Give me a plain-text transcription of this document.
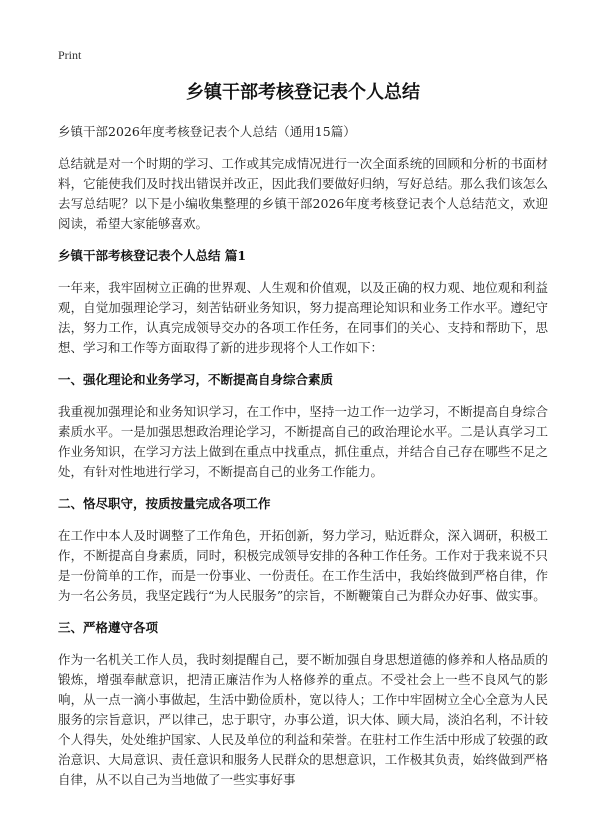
Print
乡镇干部考核登记表个人总结

乡镇干部2026年度考核登记表个人总结（通用15篇）

总结就是对一个时期的学习、工作或其完成情况进行一次全面系统的回顾和分析的书面材料，它能使我们及时找出错误并改正，因此我们要做好归纳，写好总结。那么我们该怎么去写总结呢？以下是小编收集整理的乡镇干部2026年度考核登记表个人总结范文，欢迎阅读，希望大家能够喜欢。

乡镇干部考核登记表个人总结 篇1

一年来，我牢固树立正确的世界观、人生观和价值观，以及正确的权力观、地位观和利益观，自觉加强理论学习，刻苦钻研业务知识，努力提高理论知识和业务工作水平。遵纪守法，努力工作，认真完成领导交办的各项工作任务，在同事们的关心、支持和帮助下，思想、学习和工作等方面取得了新的进步现将个人工作如下：

一、强化理论和业务学习，不断提高自身综合素质

我重视加强理论和业务知识学习，在工作中，坚持一边工作一边学习，不断提高自身综合素质水平。一是加强思想政治理论学习，不断提高自己的政治理论水平。二是认真学习工作业务知识，在学习方法上做到在重点中找重点，抓住重点，并结合自己存在哪些不足之处，有针对性地进行学习，不断提高自己的业务工作能力。

二、恪尽职守，按质按量完成各项工作

在工作中本人及时调整了工作角色，开拓创新，努力学习，贴近群众，深入调研，积极工作，不断提高自身素质，同时，积极完成领导安排的各种工作任务。工作对于我来说不只是一份简单的工作，而是一份事业、一份责任。在工作生活中，我始终做到严格自律，作为一名公务员，我坚定践行“为人民服务”的宗旨，不断鞭策自己为群众办好事、做实事。

三、严格遵守各项

作为一名机关工作人员，我时刻提醒自己，要不断加强自身思想道德的修养和人格品质的锻炼，增强奉献意识，把清正廉洁作为人格修养的重点。不受社会上一些不良风气的影响，从一点一滴小事做起，生活中勤俭质朴，宽以待人；工作中牢固树立全心全意为人民服务的宗旨意识，严以律己，忠于职守，办事公道，识大体、顾大局，淡泊名利，不计较个人得失，处处维护国家、人民及单位的利益和荣誉。在驻村工作生活中形成了较强的政治意识、大局意识、责任意识和服务人民群众的思想意识，工作极其负责，始终做到严格自律，从不以自己为当地做了一些实事好事
